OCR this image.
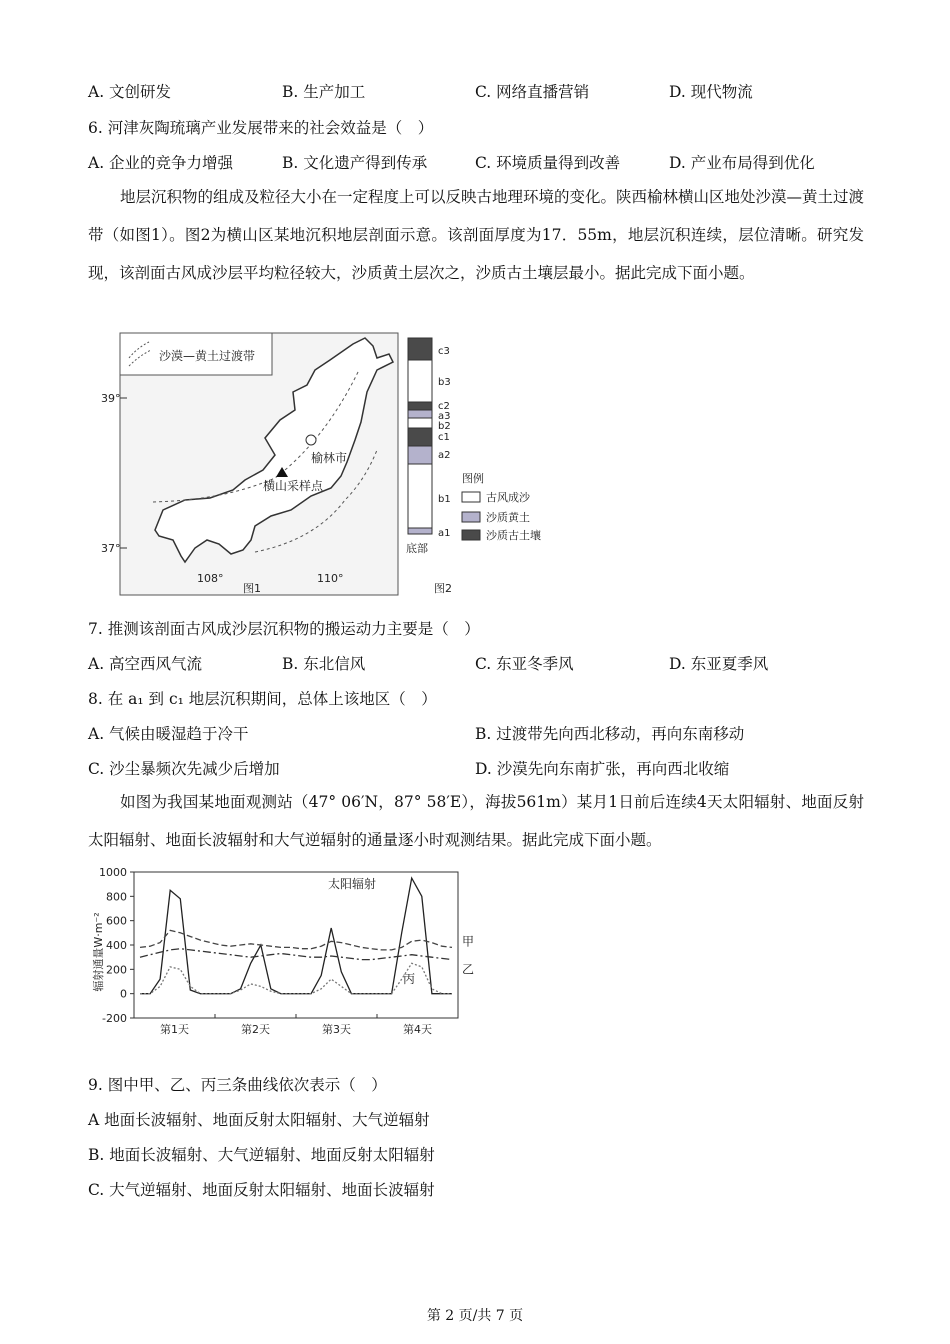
A. 文创研发	B. 生产加工	C. 网络直播营销	D. 现代物流
6. 河津灰陶琉璃产业发展带来的社会效益是（　）
A. 企业的竞争力增强	B. 文化遗产得到传承	C. 环境质量得到改善	D. 产业布局得到优化
地层沉积物的组成及粒径大小在一定程度上可以反映古地理环境的变化。陕西榆林横山区地处沙漠—黄土过渡带（如图1）。图2为横山区某地沉积地层剖面示意。该剖面厚度为17．55m，地层沉积连续，层位清晰。研究发现，该剖面古风成沙层平均粒径较大，沙质黄土层次之，沙质古土壤层最小。据此完成下面小题。
沙漠—黄土过渡带
榆林市
横山采样点
39°
37°
108°	110°
图1
c3
b3
c2
a3
b2
c1
a2
b1
a1
底部
图例
古风成沙
沙质黄土
沙质古土壤
图2
7. 推测该剖面古风成沙层沉积物的搬运动力主要是（　）
A. 高空西风气流	B. 东北信风	C. 东亚冬季风	D. 东亚夏季风
8. 在 a₁ 到 c₁ 地层沉积期间，总体上该地区（　）
A. 气候由暖湿趋于冷干	B. 过渡带先向西北移动，再向东南移动
C. 沙尘暴频次先减少后增加	D. 沙漠先向东南扩张，再向西北收缩
如图为我国某地面观测站（47° 06′N，87° 58′E），海拔561m）某月1日前后连续4天太阳辐射、地面反射太阳辐射、地面长波辐射和大气逆辐射的通量逐小时观测结果。据此完成下面小题。
辐射通量W·m⁻²
1000
800
600
400
200
0
-200
第1天	第2天	第3天	第4天
太阳辐射
甲
乙
丙
9. 图中甲、乙、丙三条曲线依次表示（　）
A 地面长波辐射、地面反射太阳辐射、大气逆辐射
B. 地面长波辐射、大气逆辐射、地面反射太阳辐射
C. 大气逆辐射、地面反射太阳辐射、地面长波辐射
第 2 页/共 7 页
